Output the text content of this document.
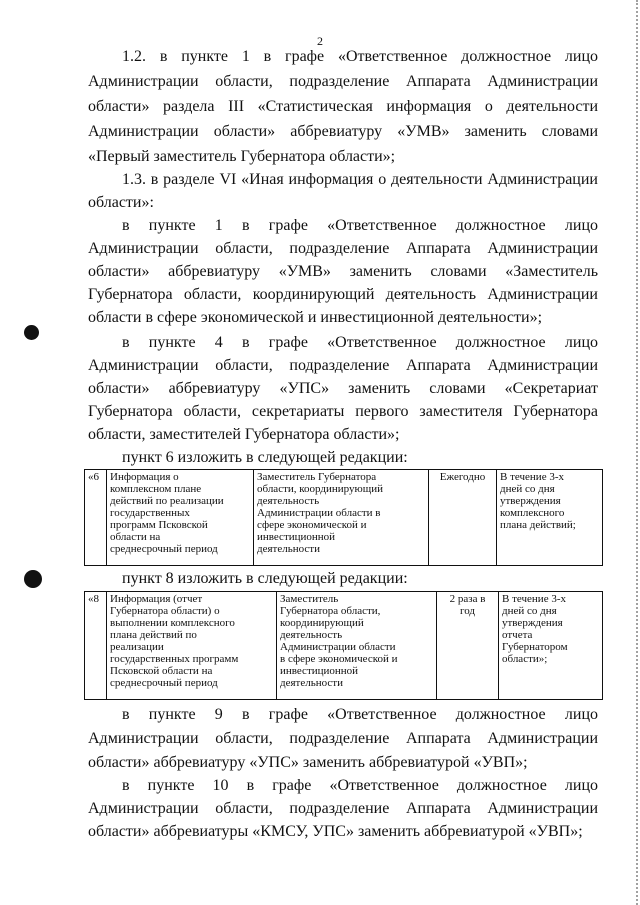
2
1.2. в пункте 1 в графе «Ответственное должностное лицо
Администрации области, подразделение Аппарата Администрации
области» раздела III «Статистическая информация о деятельности
Администрации области» аббревиатуру «УМВ» заменить словами
«Первый заместитель Губернатора области»;
1.3. в разделе VI «Иная информация о деятельности Администрации
области»:
в пункте 1 в графе «Ответственное должностное лицо
Администрации области, подразделение Аппарата Администрации
области» аббревиатуру «УМВ» заменить словами «Заместитель
Губернатора области, координирующий деятельность Администрации
области в сфере экономической и инвестиционной деятельности»;
в пункте 4 в графе «Ответственное должностное лицо
Администрации области, подразделение Аппарата Администрации
области» аббревиатуру «УПС» заменить словами «Секретариат
Губернатора области, секретариаты первого заместителя Губернатора
области, заместителей Губернатора области»;
пункт 6 изложить в следующей редакции:
«6	Информация о
комплексном плане
действий по реализации
государственных
программ Псковской
области на
среднесрочный период	Заместитель Губернатора
области, координирующий
деятельность
Администрации области в
сфере экономической и
инвестиционной
деятельности	Ежегодно	В течение 3-х
дней со дня
утверждения
комплексного
плана действий;
пункт 8 изложить в следующей редакции:
«8	Информация (отчет
Губернатора области) о
выполнении комплексного
плана действий по
реализации
государственных программ
Псковской области на
среднесрочный период	Заместитель
Губернатора области,
координирующий
деятельность
Администрации области
в сфере экономической и
инвестиционной
деятельности	2 раза в
год	В течение 3-х
дней со дня
утверждения
отчета
Губернатором
области»;
в пункте 9 в графе «Ответственное должностное лицо
Администрации области, подразделение Аппарата Администрации
области» аббревиатуру «УПС» заменить аббревиатурой «УВП»;
в пункте 10 в графе «Ответственное должностное лицо
Администрации области, подразделение Аппарата Администрации
области» аббревиатуры «КМСУ, УПС» заменить аббревиатурой «УВП»;
